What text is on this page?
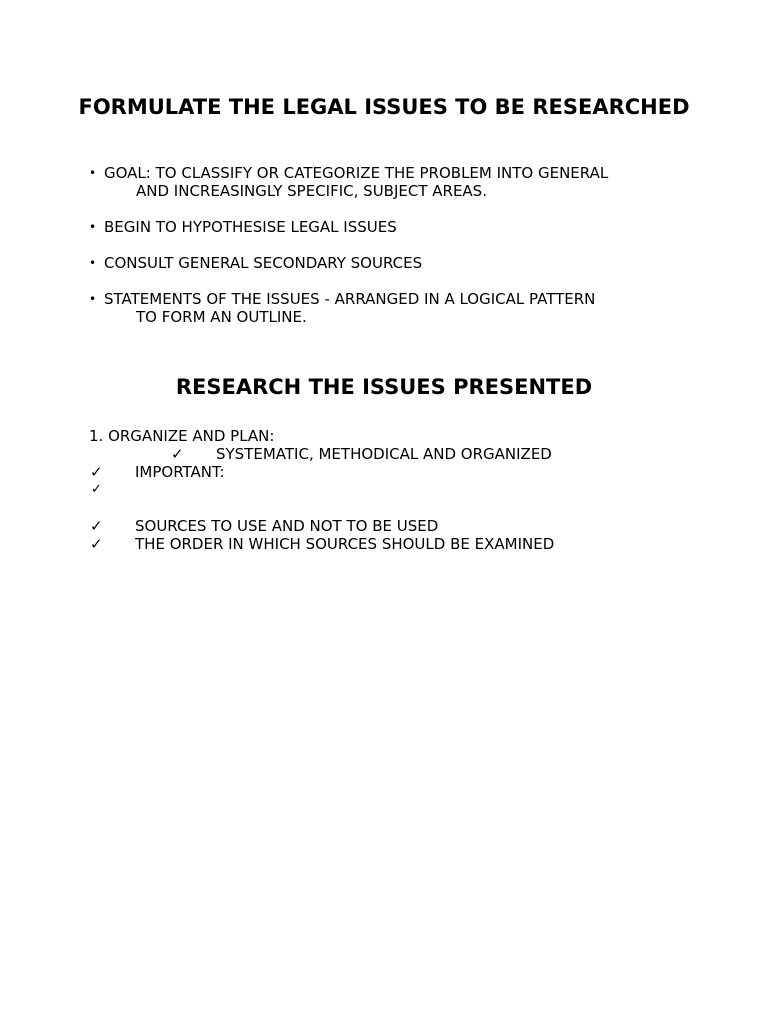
FORMULATE THE LEGAL ISSUES TO BE RESEARCHED
• GOAL: TO CLASSIFY OR CATEGORIZE THE PROBLEM INTO GENERAL
AND INCREASINGLY SPECIFIC, SUBJECT AREAS.
• BEGIN TO HYPOTHESISE LEGAL ISSUES
• CONSULT GENERAL SECONDARY SOURCES
• STATEMENTS OF THE ISSUES - ARRANGED IN A LOGICAL PATTERN
TO FORM AN OUTLINE.
RESEARCH THE ISSUES PRESENTED
1. ORGANIZE AND PLAN:
✓ SYSTEMATIC, METHODICAL AND ORGANIZED
✓ IMPORTANT:
✓
✓ SOURCES TO USE AND NOT TO BE USED
✓ THE ORDER IN WHICH SOURCES SHOULD BE EXAMINED
